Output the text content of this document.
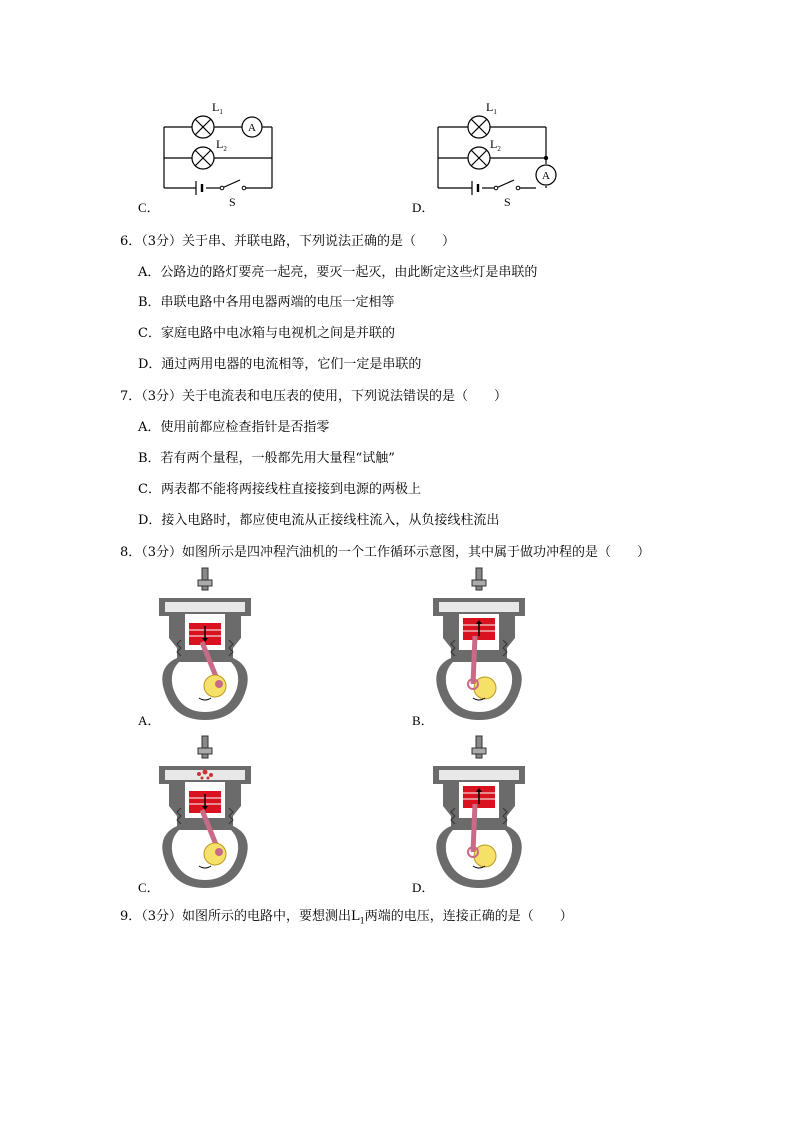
$L_1$
$L_2$
A
S
C．
$L_1$
$L_2$
A
S
D．
6．（3分）关于串、并联电路，下列说法正确的是（　　）
A．公路边的路灯要亮一起亮，要灭一起灭，由此断定这些灯是串联的
B．串联电路中各用电器两端的电压一定相等
C．家庭电路中电冰箱与电视机之间是并联的
D．通过两用电器的电流相等，它们一定是串联的
7．（3分）关于电流表和电压表的使用，下列说法错误的是（　　）
A．使用前都应检查指针是否指零
B．若有两个量程，一般都先用大量程“试触”
C．两表都不能将两接线柱直接接到电源的两极上
D．接入电路时，都应使电流从正接线柱流入，从负接线柱流出
8．（3分）如图所示是四冲程汽油机的一个工作循环示意图，其中属于做功冲程的是（　　）
A．	B．
C．	D．
9．（3分）如图所示的电路中，要想测出$L_1$两端的电压，连接正确的是（　　）
